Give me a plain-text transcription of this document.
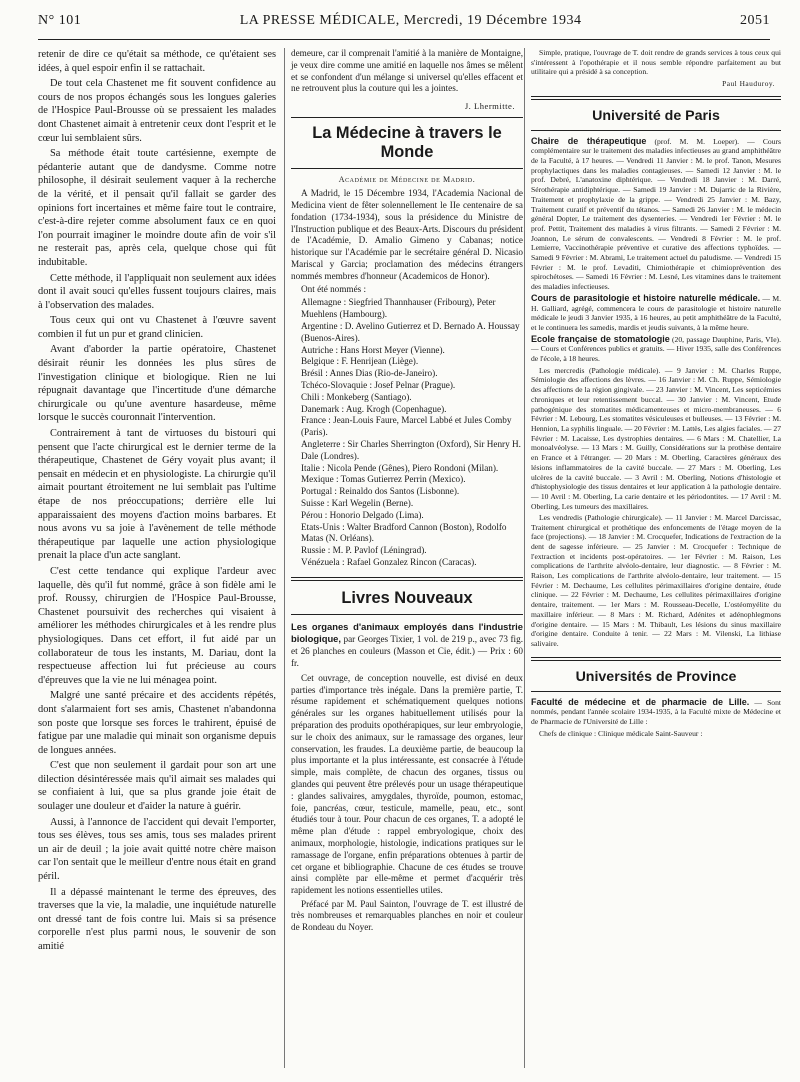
N° 101	LA PRESSE MÉDICALE, Mercredi, 19 Décembre 1934	2051

retenir de dire ce qu'était sa méthode, ce qu'étaient ses idées, à quel espoir enfin il se rattachait.

De tout cela Chastenet me fit souvent confidence au cours de nos propos échangés sous les longues galeries de l'Hospice Paul-Brousse où se pressaient les malades dont Chastenet aimait à entretenir ceux dont l'esprit et le cœur lui semblaient sûrs.

Sa méthode était toute cartésienne, exempte de pédanterie autant que de dandysme. Comme notre philosophe, il désirait seulement vaquer à la recherche de la vérité, et il pensait qu'il fallait se garder des opinions fort incertaines et même faire tout le contraire, c'est-à-dire rejeter comme absolument faux ce en quoi l'on pourrait imaginer le moindre doute afin de voir s'il ne resterait pas, après cela, quelque chose qui fût indubitable.

Cette méthode, il l'appliquait non seulement aux idées dont il avait souci qu'elles fussent toujours claires, mais à l'observation des malades.

Tous ceux qui ont vu Chastenet à l'œuvre savent combien il fut un pur et grand clinicien.

Avant d'aborder la partie opératoire, Chastenet désirait réunir les données les plus sûres de l'investigation clinique et biologique. Rien ne lui répugnait davantage que l'incertitude d'une démarche chirurgicale ou qu'une aventure hasardeuse, même lorsque le succès couronnait l'intervention.

Contrairement à tant de virtuoses du bistouri qui pensent que l'acte chirurgical est le dernier terme de la thérapeutique, Chastenet de Géry voyait plus avant; il pensait en médecin et en physiologiste. La chirurgie qu'il aimait pourtant étroitement ne lui semblait pas l'ultime étape de nos préoccupations; derrière elle lui apparaissaient des moyens d'action moins barbares. Et nous avons vu sa joie à l'avènement de telle méthode thérapeutique par laquelle une action physiologique prenait la place d'un acte sanglant.

C'est cette tendance qui explique l'ardeur avec laquelle, dès qu'il fut nommé, grâce à son fidèle ami le prof. Roussy, chirurgien de l'Hospice Paul-Brousse, Chastenet poursuivit des recherches qui visaient à améliorer les méthodes chirurgicales et à les rendre plus physiologiques. Dans cet effort, il fut aidé par un collaborateur de tous les instants, M. Dariau, dont la respectueuse affection lui fut précieuse au cours d'épreuves que la vie ne lui ménagea point.

Malgré une santé précaire et des accidents répétés, dont s'alarmaient fort ses amis, Chastenet n'abandonna son poste que lorsque ses forces le trahirent, épuisé de fatigue par une maladie qui minait son organisme depuis de longues années.

C'est que non seulement il gardait pour son art une dilection désintéressée mais qu'il aimait ses malades qui se confiaient à lui, que sa plus grande joie était de soulager une douleur et d'aider la nature à guérir.

Aussi, à l'annonce de l'accident qui devait l'emporter, tous ses élèves, tous ses amis, tous ses malades prirent un air de deuil ; la joie avait quitté notre chère maison car l'on sentait que le meilleur d'entre nous était en grand péril.

Il a dépassé maintenant le terme des épreuves, des traverses que la vie, la maladie, une inquiétude naturelle ont dressé tant de fois contre lui. Mais si sa présence corporelle n'est plus parmi nous, le souvenir de son amitié

demeure, car il comprenait l'amitié à la manière de Montaigne, je veux dire comme une amitié en laquelle nos âmes se mêlent et se confondent d'un mélange si universel qu'elles effacent et ne retrouvent plus la couture qui les a jointes.

J. Lhermitte.
La Médecine à travers le Monde
Académie de Médecine de Madrid.

A Madrid, le 15 Décembre 1934, l'Academia Nacional de Medicina vient de fêter solennellement le IIe centenaire de sa fondation (1734-1934), sous la présidence du Ministre de l'Instruction publique et des Beaux-Arts. Discours du président de l'Académie, D. Amalio Gimeno y Cabanas; notice historique sur l'Académie par le secrétaire général D. Nicasio Mariscal y Garcia; proclamation des médecins étrangers nommés membres d'honneur (Academicos de Honor).

Ont été nommés :

Allemagne : Siegfried Thannhauser (Fribourg), Peter Muehlens (Hambourg).
Argentine : D. Avelino Gutierrez et D. Bernado A. Houssay (Buenos-Aires).
Autriche : Hans Horst Meyer (Vienne).
Belgique : F. Henrijean (Liège).
Brésil : Annes Dias (Rio-de-Janeiro).
Tchéco-Slovaquie : Josef Pelnar (Prague).
Chili : Monkeberg (Santiago).
Danemark : Aug. Krogh (Copenhague).
France : Jean-Louis Faure, Marcel Labbé et Jules Comby (Paris).
Angleterre : Sir Charles Sherrington (Oxford), Sir Henry H. Dale (Londres).
Italie : Nicola Pende (Gênes), Piero Rondoni (Milan).
Mexique : Tomas Gutierrez Perrin (Mexico).
Portugal : Reinaldo dos Santos (Lisbonne).
Suisse : Karl Wegelin (Berne).
Pérou : Honorio Delgado (Lima).
Etats-Unis : Walter Bradford Cannon (Boston), Rodolfo Matas (N. Orléans).
Russie : M. P. Pavlof (Léningrad).
Vénézuela : Rafael Gonzalez Rincon (Caracas).
Livres Nouveaux
Les organes d'animaux employés dans l'industrie biologique, par Georges Tixier, 1 vol. de 219 p., avec 73 fig. et 26 planches en couleurs (Masson et Cie, édit.) — Prix : 60 fr.

Cet ouvrage, de conception nouvelle, est divisé en deux parties d'importance très inégale. Dans la première partie, T. résume rapidement et schématiquement quelques notions générales sur les organes habituellement utilisés pour la préparation des produits opothérapiques, sur leur embryologie, sur le choix des animaux, sur le ramassage des organes, leur conservation, les fraudes. La deuxième partie, de beaucoup la plus importante et la plus intéressante, est consacrée à l'étude simple, mais complète, de chacun des organes, tissus ou glandes qui peuvent être prélevés pour un usage thérapeutique : glandes salivaires, amygdales, thyroïde, poumon, estomac, foie, pancréas, cœur, testicule, mamelle, peau, etc., sont étudiés tour à tour. Pour chacun de ces organes, T. a adopté le même plan d'étude : rappel embryologique, choix des animaux, morphologie, histologie, indications pratiques sur le ramassage de l'organe, enfin préparations obtenues à partir de cet organe et bibliographie. Chacune de ces études se trouve ainsi complète par elle-même et permet d'acquérir très rapidement les notions essentielles utiles.

Préfacé par M. Paul Sainton, l'ouvrage de T. est illustré de très nombreuses et remarquables planches en noir et couleur de Rondeau du Noyer.

Simple, pratique, l'ouvrage de T. doit rendre de grands services à tous ceux qui s'intéressent à l'opothérapie et il nous semble répondre parfaitement au but utilitaire qui a présidé à sa conception.

Paul Hauduroy.
Université de Paris
Chaire de thérapeutique (prof. M. M. Loeper). — Cours complémentaire sur le traitement des maladies infectieuses au grand amphithéâtre de la Faculté, à 17 heures. — Vendredi 11 Janvier : M. le prof. Tanon, Mesures prophylactiques dans les maladies contagieuses. — Samedi 12 Janvier : M. le prof. Debré, L'anatoxine diphtérique. — Vendredi 18 Janvier : M. Darré, Sérothérapie antidiphtérique. — Samedi 19 Janvier : M. Dujarric de la Rivière, Traitement et prophylaxie de la grippe. — Vendredi 25 Janvier : M. Bazy, Traitement curatif et préventif du tétanos. — Samedi 26 Janvier : M. le médecin général Dopter, Le traitement des dysenteries. — Vendredi 1er Février : M. le prof. Pettit, Traitement des maladies à virus filtrants. — Samedi 2 Février : M. Joannon, Le sérum de convalescents. — Vendredi 8 Février : M. le prof. Lemierre, Vaccinothérapie préventive et curative des affections typhoïdes. — Samedi 9 Février : M. Abrami, Le traitement actuel du paludisme. — Vendredi 15 Février : M. le prof. Levaditi, Chimiothérapie et chimioprévention des spirochétoses. — Samedi 16 Février : M. Lesné, Les vitamines dans le traitement des maladies infectieuses.
Cours de parasitologie et histoire naturelle médicale. — M. H. Galliard, agrégé, commencera le cours de parasitologie et histoire naturelle médicale le jeudi 3 Janvier 1935, à 16 heures, au petit amphithéâtre de la Faculté, et le continuera les samedis, mardis et jeudis suivants, à la même heure.
Ecole française de stomatologie (20, passage Dauphine, Paris, VIe). — Cours et Conférences publics et gratuits. — Hiver 1935, salle des Conférences de l'école, à 18 heures.

Les mercredis (Pathologie médicale). — 9 Janvier : M. Charles Ruppe, Sémiologie des affections des lèvres. — 16 Janvier : M. Ch. Ruppe, Sémiologie des affections de la région gingivale. — 23 Janvier : M. Vincent, Les septicémies chroniques et leur retentissement buccal. — 30 Janvier : M. Vincent, Etude pathogénique des stomatites médicamenteuses et micro-membraneuses. — 6 Février : M. Lebourg, Les stomatites vésiculeuses et bulleuses. — 13 Février : M. Hennion, La syphilis linguale. — 20 Février : M. Lattès, Les algies faciales. — 27 Février : M. Lacaisse, Les dystrophies dentaires. — 6 Mars : M. Chatellier, La monoalvéolyse. — 13 Mars : M. Guilly, Considérations sur la prothèse dentaire en France et à l'étranger. — 20 Mars : M. Oberling, Caractères généraux des lésions inflammatoires de la cavité buccale. — 27 Mars : M. Oberling, Les ulcères de la cavité buccale. — 3 Avril : M. Oberling, Notions d'histologie et d'histophysiologie des tissus dentaires et leur application à la pathologie dentaire. — 10 Avril : M. Oberling, La carie dentaire et les périodontites. — 17 Avril : M. Oberling, Les tumeurs des maxillaires.

Les vendredis (Pathologie chirurgicale). — 11 Janvier : M. Marcel Darcissac, Traitement chirurgical et prothétique des enfoncements de l'étage moyen de la face (projections). — 18 Janvier : M. Crocquefer, Indications de l'extraction de la dent de sagesse inférieure. — 25 Janvier : M. Crocquefer : Technique de l'extraction et incidents post-opératoires. — 1er Février : M. Raison, Les complications de l'arthrite alvéolo-dentaire, leur diagnostic. — 8 Février : M. Raison, Les complications de l'arthrite alvéolo-dentaire, leur traitement. — 15 Février : M. Dechaume, Les cellulites périmaxillaires d'origine dentaire, étude clinique. — 22 Février : M. Dechaume, Les cellulites périmaxillaires d'origine dentaire, traitement. — 1er Mars : M. Rousseau-Decelle, L'ostéomyélite du maxillaire inférieur. — 8 Mars : M. Richard, Adénites et adénophlegmons d'origine dentaire. — 15 Mars : M. Thibault, Les lésions du sinus maxillaire d'origine dentaire. Conduite à tenir. — 22 Mars : M. Vilenski, La lithiase salivaire.

Universités de Province
Faculté de médecine et de pharmacie de Lille. — Sont nommés, pendant l'année scolaire 1934-1935, à la Faculté mixte de Médecine et de Pharmacie de l'Université de Lille :

Chefs de clinique : Clinique médicale Saint-Sauveur :
